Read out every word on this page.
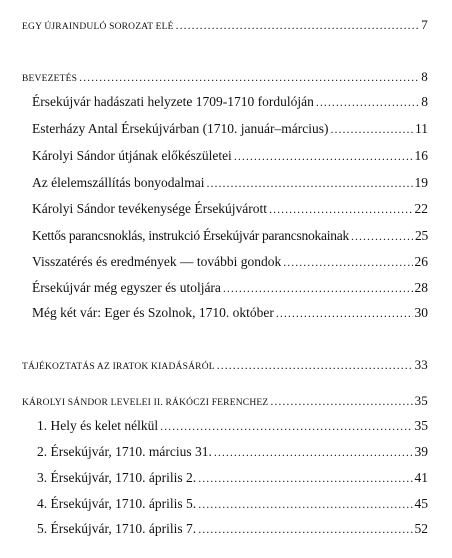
EGY ÚJRAINDULÓ SOROZAT ELÉ .....	7
BEVEZETÉS .....	8
Érsekújvár hadászati helyzete 1709-1710 fordulóján .....	8
Esterházy Antal Érsekújvárban (1710. január–március) .....	11
Károlyi Sándor útjának előkészületei .....	16
Az élelemszállítás bonyodalmai .....	19
Károlyi Sándor tevékenysége Érsekújvárott .....	22
Kettős parancsnoklás, instrukció Érsekújvár parancsnokainak .....	25
Visszatérés és eredmények — további gondok .....	26
Érsekújvár még egyszer és utoljára .....	28
Még két vár: Eger és Szolnok, 1710. október .....	30
TÁJÉKOZTATÁS AZ IRATOK KIADÁSÁRÓL .....	33
KÁROLYI SÁNDOR LEVELEI II. RÁKÓCZI FERENCHEZ .....	35
1. Hely és kelet nélkül .....	35
2. Érsekújvár, 1710. március 31. .....	39
3. Érsekújvár, 1710. április 2. .....	41
4. Érsekújvár, 1710. április 5. .....	45
5. Érsekújvár, 1710. április 7. .....	52
